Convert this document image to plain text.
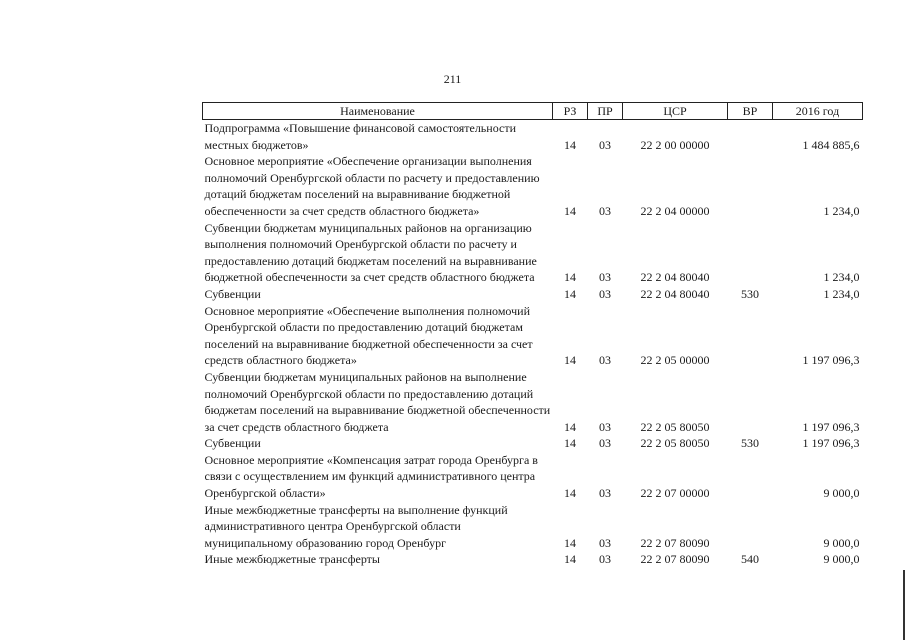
211
Наименование	РЗ	ПР	ЦСР	ВР	2016 год
Подпрограмма «Повышение финансовой самостоятельности местных бюджетов»	14	03	22 2 00 00000		1 484 885,6
Основное мероприятие «Обеспечение организации выполнения полномочий Оренбургской области по расчету и предоставлению дотаций бюджетам поселений на выравнивание бюджетной обеспеченности за счет средств областного бюджета»	14	03	22 2 04 00000		1 234,0
Субвенции бюджетам муниципальных районов на организацию выполнения полномочий Оренбургской области по расчету и предоставлению дотаций бюджетам поселений на выравнивание бюджетной обеспеченности за счет средств областного бюджета	14	03	22 2 04 80040		1 234,0
Субвенции	14	03	22 2 04 80040	530	1 234,0
Основное мероприятие «Обеспечение выполнения полномочий Оренбургской области по предоставлению дотаций бюджетам поселений на выравнивание бюджетной обеспеченности за счет средств областного бюджета»	14	03	22 2 05 00000		1 197 096,3
Субвенции бюджетам муниципальных районов на выполнение полномочий Оренбургской области по предоставлению дотаций бюджетам поселений на выравнивание бюджетной обеспеченности за счет средств областного бюджета	14	03	22 2 05 80050		1 197 096,3
Субвенции	14	03	22 2 05 80050	530	1 197 096,3
Основное мероприятие «Компенсация затрат города Оренбурга в связи с осуществлением им функций административного центра Оренбургской области»	14	03	22 2 07 00000		9 000,0
Иные межбюджетные трансферты на выполнение функций административного центра Оренбургской области муниципальному образованию город Оренбург	14	03	22 2 07 80090		9 000,0
Иные межбюджетные трансферты	14	03	22 2 07 80090	540	9 000,0
